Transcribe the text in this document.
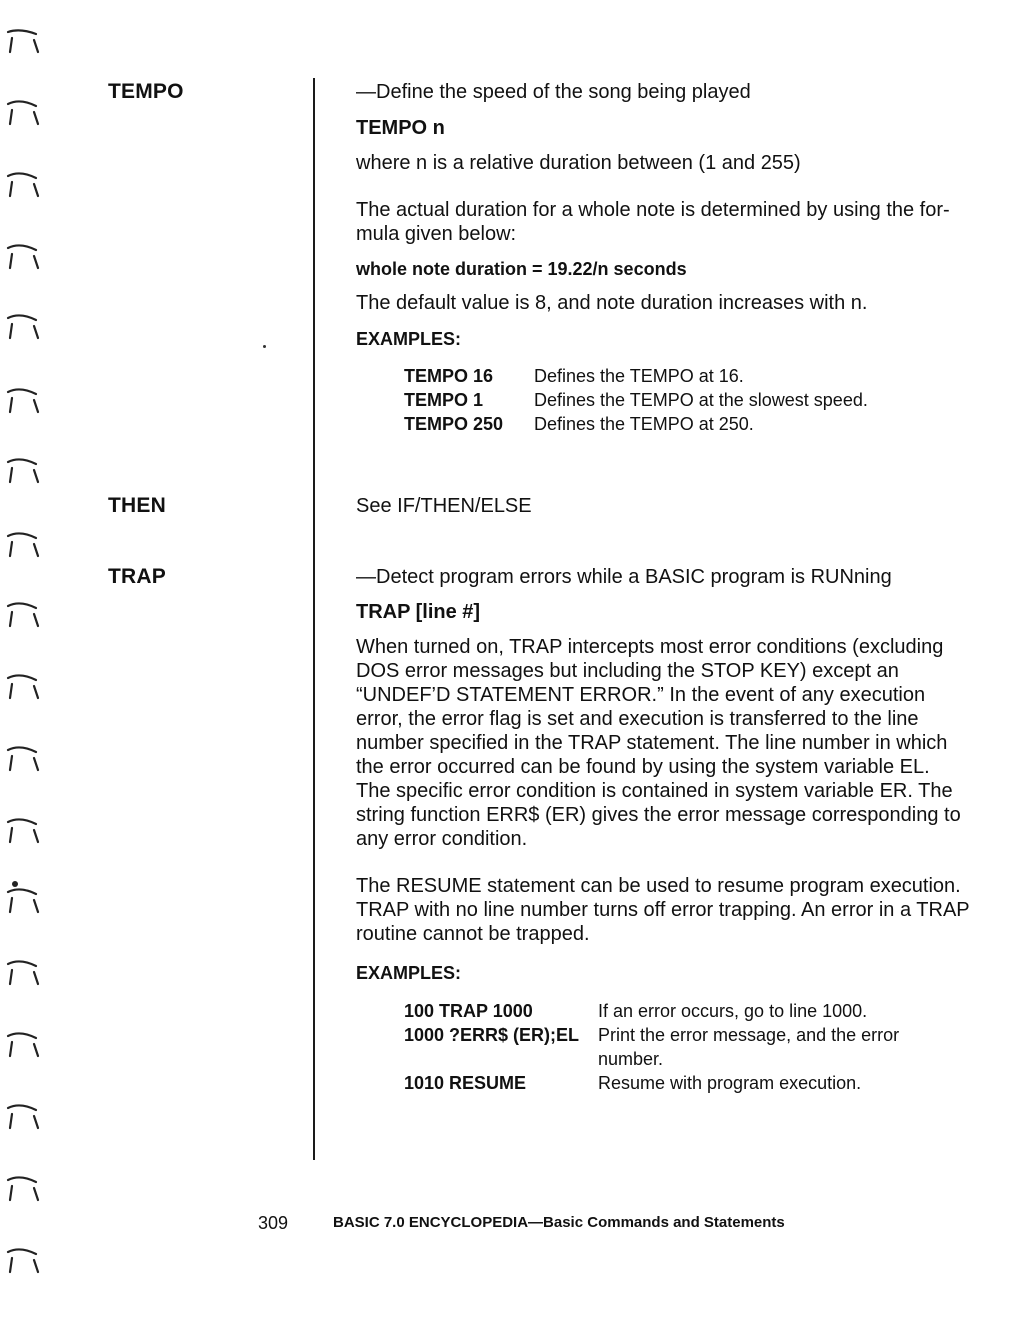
TEMPO	—Define the speed of the song being played

TEMPO n

where n is a relative duration between (1 and 255)

The actual duration for a whole note is determined by using the for-

mula given below:

whole note duration = 19.22/n seconds

The default value is 8, and note duration increases with n.

EXAMPLES:

TEMPO 16	Defines the TEMPO at 16.
TEMPO 1	Defines the TEMPO at the slowest speed.
TEMPO 250	Defines the TEMPO at 250.
THEN	See IF/THEN/ELSE

TRAP	—Detect program errors while a BASIC program is RUNning

TRAP [line #]

When turned on, TRAP intercepts most error conditions (excluding

DOS error messages but including the STOP KEY) except an

“UNDEF’D STATEMENT ERROR.” In the event of any execution

error, the error flag is set and execution is transferred to the line

number specified in the TRAP statement. The line number in which

the error occurred can be found by using the system variable EL.

The specific error condition is contained in system variable ER. The

string function ERR$ (ER) gives the error message corresponding to

any error condition.

The RESUME statement can be used to resume program execution.

TRAP with no line number turns off error trapping. An error in a TRAP

routine cannot be trapped.

EXAMPLES:

100 TRAP 1000	If an error occurs, go to line 1000.
1000 ?ERR$ (ER);EL	Print the error message, and the error
number.

1010 RESUME	Resume with program execution.
309	BASIC 7.0 ENCYCLOPEDIA—Basic Commands and Statements
